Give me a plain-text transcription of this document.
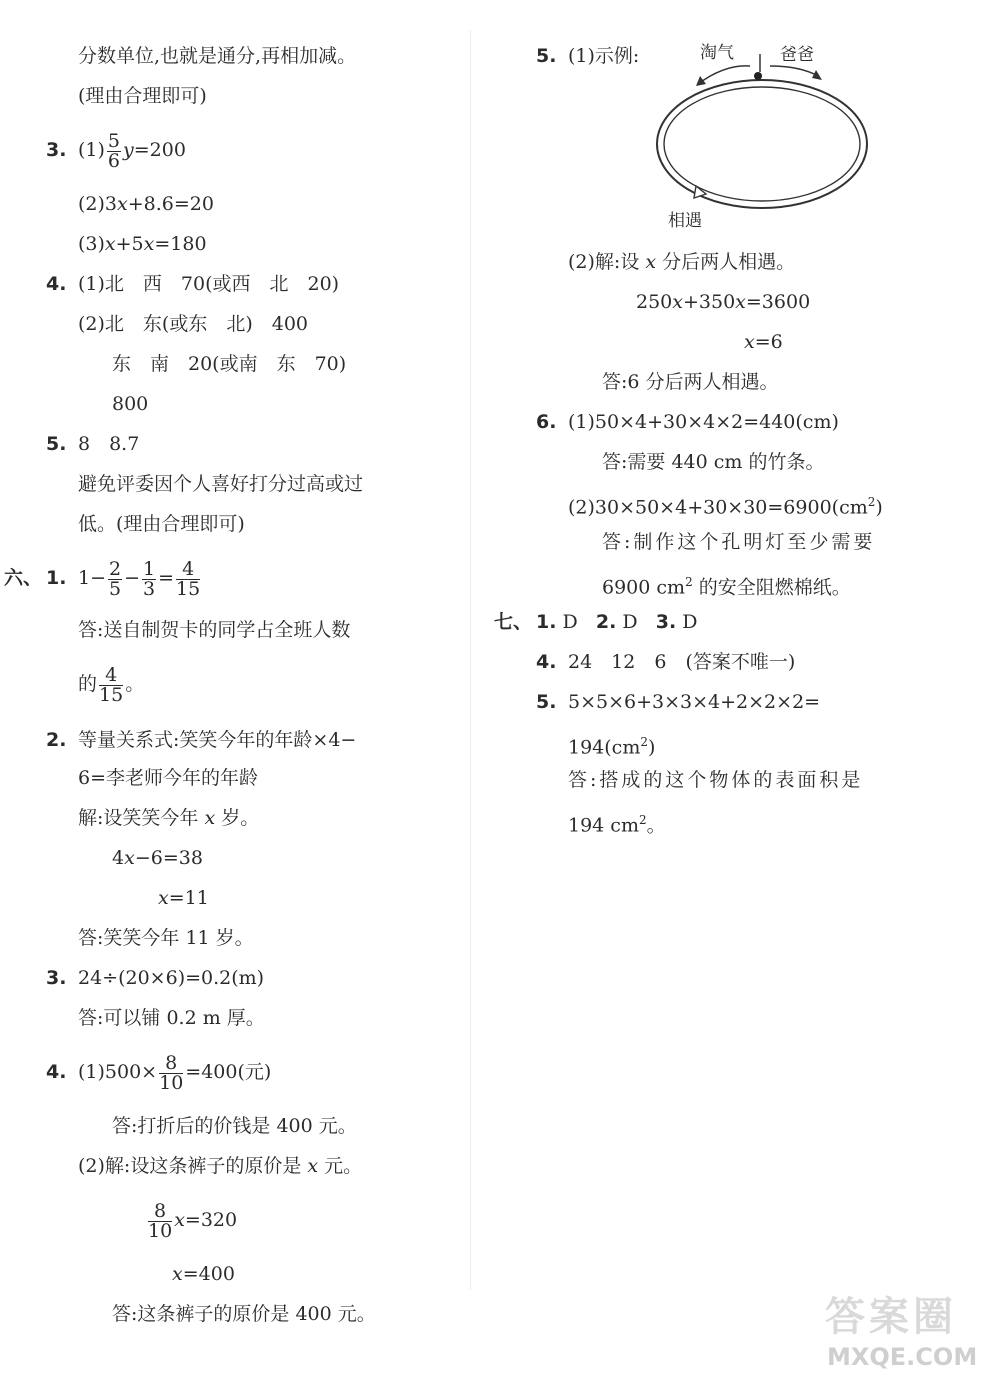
分数单位,也就是通分,再相加减。
(理由合理即可)
3. $(1) \frac{5}{6} y=200$
(2)3x+8.6=20
(3)x+5x=180
4. (1)北　西　70(或西　北　20)
(2)北　东(或东　北)　400
东　南　20(或南　东　70)
800
5. 8　8.7
避免评委因个人喜好打分过高或过
低。(理由合理即可)
六、 1. $1- \frac{2}{5} - \frac{1}{3} = \frac{4}{15}$
答:送自制贺卡的同学占全班人数
的 $\frac{4}{15}$ 。
2. 等量关系式:笑笑今年的年龄×4−
6=李老师今年的年龄
解:设笑笑今年 x 岁。
4x−6=38
x=11
答:笑笑今年 11 岁。
3. 24÷(20×6)=0.2(m)
答:可以铺 0.2 m 厚。
4. $(1)500\times \frac{8}{10} =400$(元)
答:打折后的价钱是 400 元。
(2)解:设这条裤子的原价是 x 元。
$\frac{8}{10} x=320$
x=400
答:这条裤子的原价是 400 元。
5. (1)示例:	淘气	爸爸
相遇
(2)解:设 x 分后两人相遇。
250x+350x=3600
x=6
答:6 分后两人相遇。
6. (1)50×4+30×4×2=440(cm)
答:需要 440 cm 的竹条。
$(2)30\times 50\times 4+30\times 30=6900(cm^2)$
答:制作这个孔明灯至少需要
6900 $cm^2$ 的安全阻燃棉纸。
七、 1. D 2. D 3. D
4. 24　12　6　(答案不唯一)
5. 5×5×6+3×3×4+2×2×2=
$194(cm^2)$
答:搭成的这个物体的表面积是
194 $cm^2$。
答案圈
MXQE.COM
